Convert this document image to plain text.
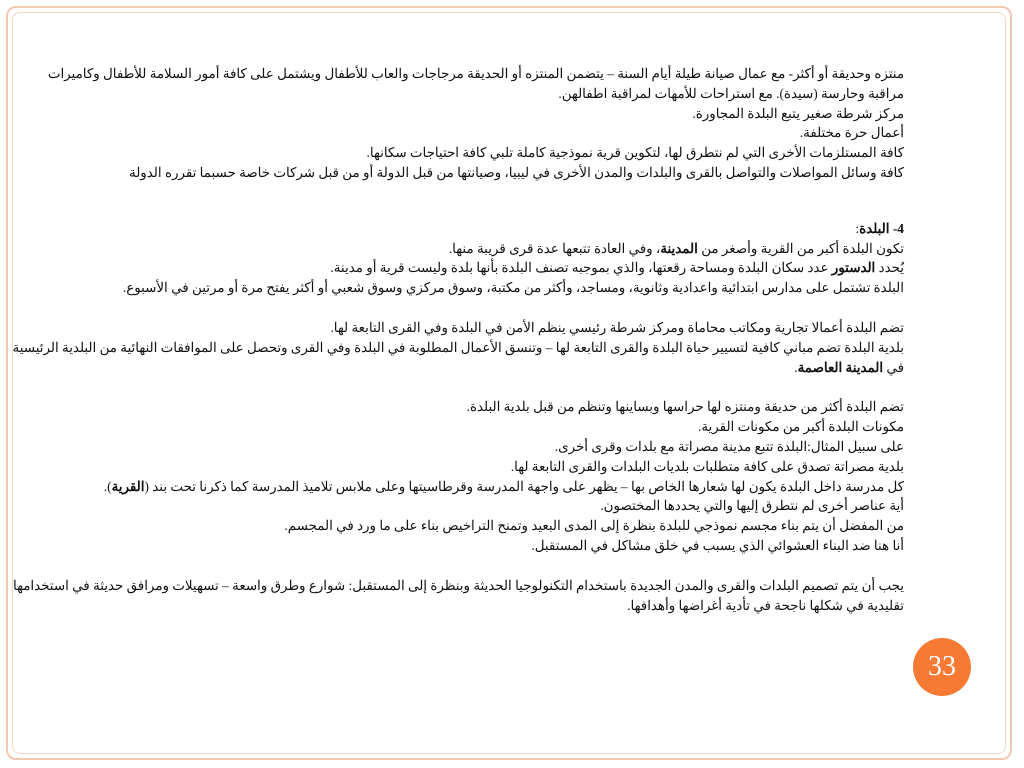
منتزه وحديقة أو أكثر- مع عمال صيانة طيلة أيام السنة – يتضمن المنتزه أو الحديقة مرجاجات والعاب للأطفال ويشتمل على كافة أمور السلامة للأطفال وكاميرات
مراقبة وحارسة (سيدة). مع استراحات للأمهات لمراقبة اطفالهن.
مركز شرطة صغير يتبع البلدة المجاورة.
أعمال حرة مختلفة.
كافة المستلزمات الأخرى التي لم نتطرق لها، لتكوين قرية نموذجية كاملة تلبي كافة احتياجات سكانها.
كافة وسائل المواصلات والتواصل بالقرى والبلدات والمدن الأخرى في ليبيا، وصيانتها من قبل الدولة أو من قبل شركات خاصة حسبما تقرره الدولة
4- البلدة:
تكون البلدة أكبر من القرية وأصغر من المدينة، وفي العادة تتبعها عدة قرى قريبة منها.
يُحدد الدستور عدد سكان البلدة ومساحة رقعتها، والذي بموجبه تصنف البلدة بأنها بلدة وليست قرية أو مدينة.
البلدة تشتمل على مدارس ابتدائية واعدادية وثانوية، ومساجد، وأكثر من مكتبة، وسوق مركزي وسوق شعبي أو أكثر يفتح مرة أو مرتين في الأسبوع.
تضم البلدة أعمالا تجارية ومكاتب محاماة ومركز شرطة رئيسي ينظم الأمن في البلدة وفي القرى التابعة لها.
بلدية البلدة تضم مباني كافية لتسيير حياة البلدة والقرى التابعة لها – وتنسق الأعمال المطلوبة في البلدة وفي القرى وتحصل على الموافقات النهائية من البلدية الرئيسية
في المدينة العاصمة.
تضم البلدة أكثر من حديقة ومنتزه لها حراسها وبساينها وتنظم من قبل بلدية البلدة.
مكونات البلدة أكبر من مكونات القرية.
على سبيل المثال:البلدة تتبع مدينة مصراتة مع بلدات وقرى أخرى.
بلدية مصراتة تصدق على كافة متطلبات بلديات البلدات والقرى التابعة لها.
كل مدرسة داخل البلدة يكون لها شعارها الخاص بها – يظهر على واجهة المدرسة وقرطاسيتها وعلى ملابس تلاميذ المدرسة كما ذكرنا تحت بند (القرية).
أية عناصر أخرى لم نتطرق إليها والتي يحددها المختصون.
من المفضل أن يتم بناء مجسم نموذجي للبلدة بنظرة إلى المدى البعيد وتمنح التراخيص بناء على ما ورد في المجسم.
أنا هنا ضد البناء العشوائي الذي يسبب في خلق مشاكل في المستقبل.
يجب أن يتم تصميم البلدات والقرى والمدن الجديدة باستخدام التكنولوجيا الحديثة وبنظرة إلى المستقبل: شوارع وطرق واسعة – تسهيلات ومرافق حديثة في استخدامها
تقليدية في شكلها ناجحة في تأدية أغراضها وأهدافها.
33
